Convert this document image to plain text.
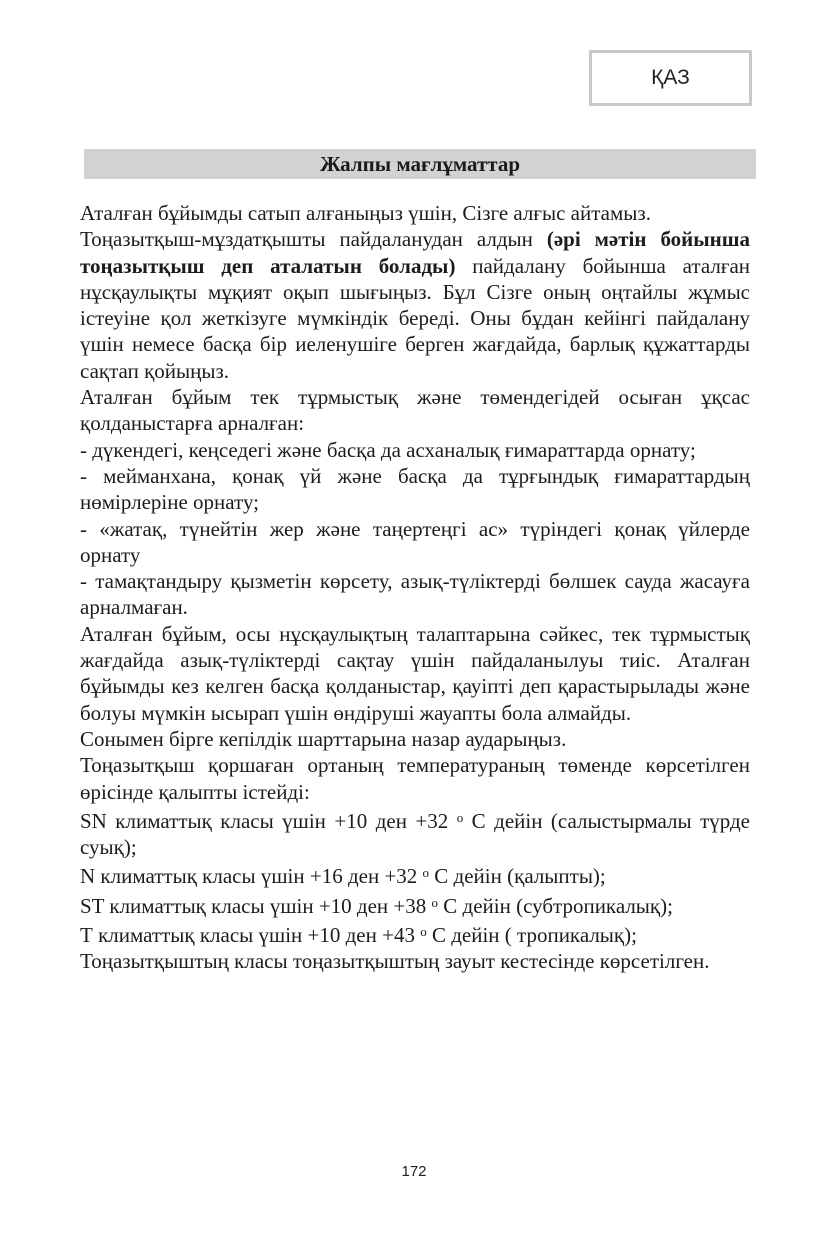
ҚАЗ
Жалпы мағлұматтар

Аталған бұйымды сатып алғаныңыз үшін, Сізге алғыс айтамыз.

Тоңазытқыш-мұздатқышты пайдаланудан алдын (әрі мәтін бойынша тоңазытқыш деп аталатын болады) пайдалану бойынша аталған нұсқаулықты мұқият оқып шығыңыз. Бұл Сізге оның оңтайлы жұмыс істеуіне қол жеткізуге мүмкіндік береді. Оны бұдан кейінгі пайдалану үшін немесе басқа бір иеленушіге берген жағдайда, барлық құжаттарды сақтап қойыңыз.

Аталған бұйым тек тұрмыстық және төмендегідей осыған ұқсас қолданыстарға арналған:

- дүкендегі, кеңседегі және басқа да асханалық ғимараттарда орнату;

- мейманхана, қонақ үй және басқа да тұрғындық ғимараттардың нөмірлеріне орнату;

- «жатақ, түнейтін жер және таңертеңгі ас» түріндегі қонақ үйлерде орнату

- тамақтандыру қызметін көрсету, азық-түліктерді бөлшек сауда жасауға арналмаған.

Аталған бұйым, осы нұсқаулықтың талаптарына сәйкес, тек тұрмыстық жағдайда азық-түліктерді сақтау үшін пайдаланылуы тиіс. Аталған бұйымды кез келген басқа қолданыстар, қауіпті деп қарастырылады және болуы мүмкін ысырап үшін өндіруші жауапты бола алмайды.

Сонымен бірге кепілдік шарттарына назар аударыңыз.

Тоңазытқыш қоршаған ортаның температураның төменде көрсетілген өрісінде қалыпты істейді:

SN климаттық класы үшін +10 ден +32 $^о$ С дейін (салыстырмалы түрде суық);

N климаттық класы үшін +16 ден +32 $^о$ С дейін (қалыпты);

ST климаттық класы үшін +10 ден +38 $^о$ С дейін (субтропикалық);

Т климаттық класы үшін +10 ден +43 $^о$ С дейін ( тропикалық);

Тоңазытқыштың класы тоңазытқыштың зауыт кестесінде көрсетілген.

172
